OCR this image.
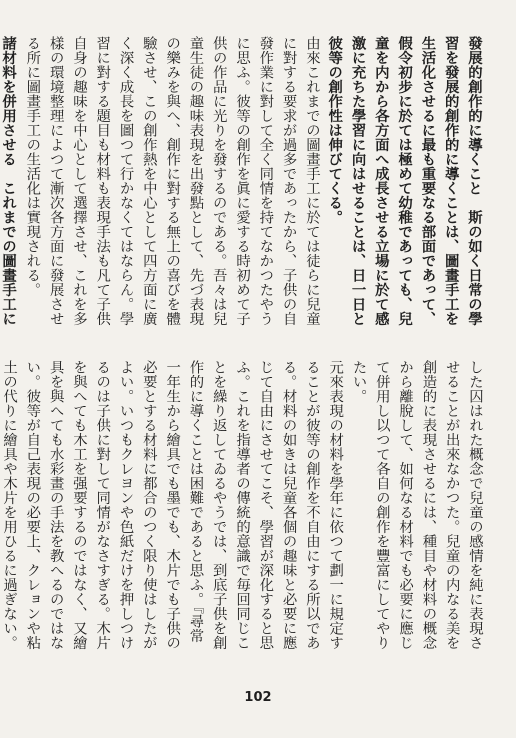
發展的創作的に導くこと　斯の如く日常の學習を發展的創作的に導くことは、圖畫手工を生活化させるに最も重要なる部面であって、假令初步に於ては極めて幼稚であっても、兒童を内から各方面へ成長させる立場に於て感激に充ちた學習に向はせることは、日一日と彼等の創作性は伸びてくる。

由來これまでの圖畫手工に於ては徒らに兒童に對する要求が過多であったから、子供の自發作業に對して全く同情を持てなかつたやうに思ふ。彼等の創作を眞に愛する時初めて子供の作品に光りを發するのである。吾々は兒童生徒の趣味表現を出發點として、先づ表現の樂みを與へ、創作に對する無上の喜びを體驗させ、この創作熱を中心として四方面に廣く深く成長を圖つて行かなくてはならん。學習に對する題目も材料も表現手法も凡て子供自身の趣味を中心として選擇させ、これを多樣の環境整理によつて漸次各方面に發展させる所に圖畫手工の生活化は實現される。

諸材料を併用させる　これまでの圖畫手工に

した囚はれた概念で兒童の感情を純に表現させることが出來なかつた。兒童の内なる美を創造的に表現させるには、種目や材料の概念から離脫して、如何なる材料でも必要に應じて併用し以つて各自の創作を豐富にしてやりたい。

元來表現の材料を學年に依つて劃一に規定することが彼等の創作を不自由にする所以である。材料の如きは兒童各個の趣味と必要に應じて自由にさせてこそ、學習が深化すると思ふ。これを指導者の傳統的意識で毎回同じことを繰り返してゐるやうでは、到底子供を創作的に導くことは困難であると思ふ。『尋常一年生から繪具でも墨でも、木片でも子供の必要とする材料に都合のつく限り使はしたがよい。いつもクレヨンや色紙だけを押しつけるのは子供に對して同情がなさすぎる。木片を與へても木工を强要するのではなく、又繪具を與へても水彩畫の手法を教へるのではない。彼等が自己表現の必要上、クレョンや粘土の代りに繪具や木片を用ひるに過ぎない。

102
